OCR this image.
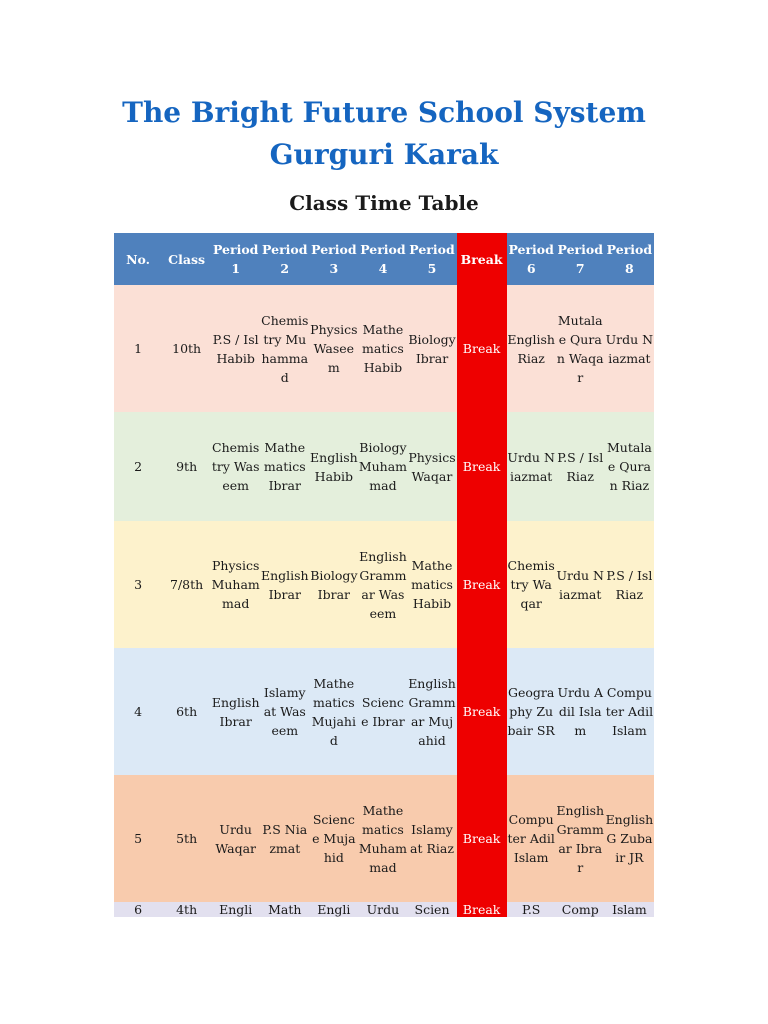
The Bright Future School System
Gurguri Karak
Class Time Table
No.	Class	Period 1	Period 2	Period 3	Period 4	Period 5	Break	Period 6	Period 7	Period 8
1	10th	P.S / Isl Habib	Chemistry Muhammad	Physics Waseem	Mathematics Habib	Biology Ibrar	Break	English Riaz	Mutala e Quran Waqar	Urdu Niazmat
2	9th	Chemistry Waseem	Mathematics Ibrar	English Habib	Biology Muhammad	Physics Waqar	Break	Urdu Niazmat	P.S / Isl Riaz	Mutala e Quran Riaz
3	7/8th	Physics Muhammad	English Ibrar	Biology Ibrar	English Grammar Waseem	Mathematics Habib	Break	Chemistry Waqar	Urdu Niazmat	P.S / Isl Riaz
4	6th	English Ibrar	Islamyat Waseem	Mathematics Mujahid	Science Ibrar	English Grammar Mujahid	Break	Geography Zubair SR	Urdu Adil Islam	Computer Adil Islam
5	5th	Urdu Waqar	P.S Niazmat	Science Mujahid	Mathematics Muhammad	Islamyat Riaz	Break	Computer Adil Islam	English Grammar Ibrar	English G Zubair JR
6	4th	Engli	Math	Engli	Urdu	Scien	Break	P.S	Comp	Islam
